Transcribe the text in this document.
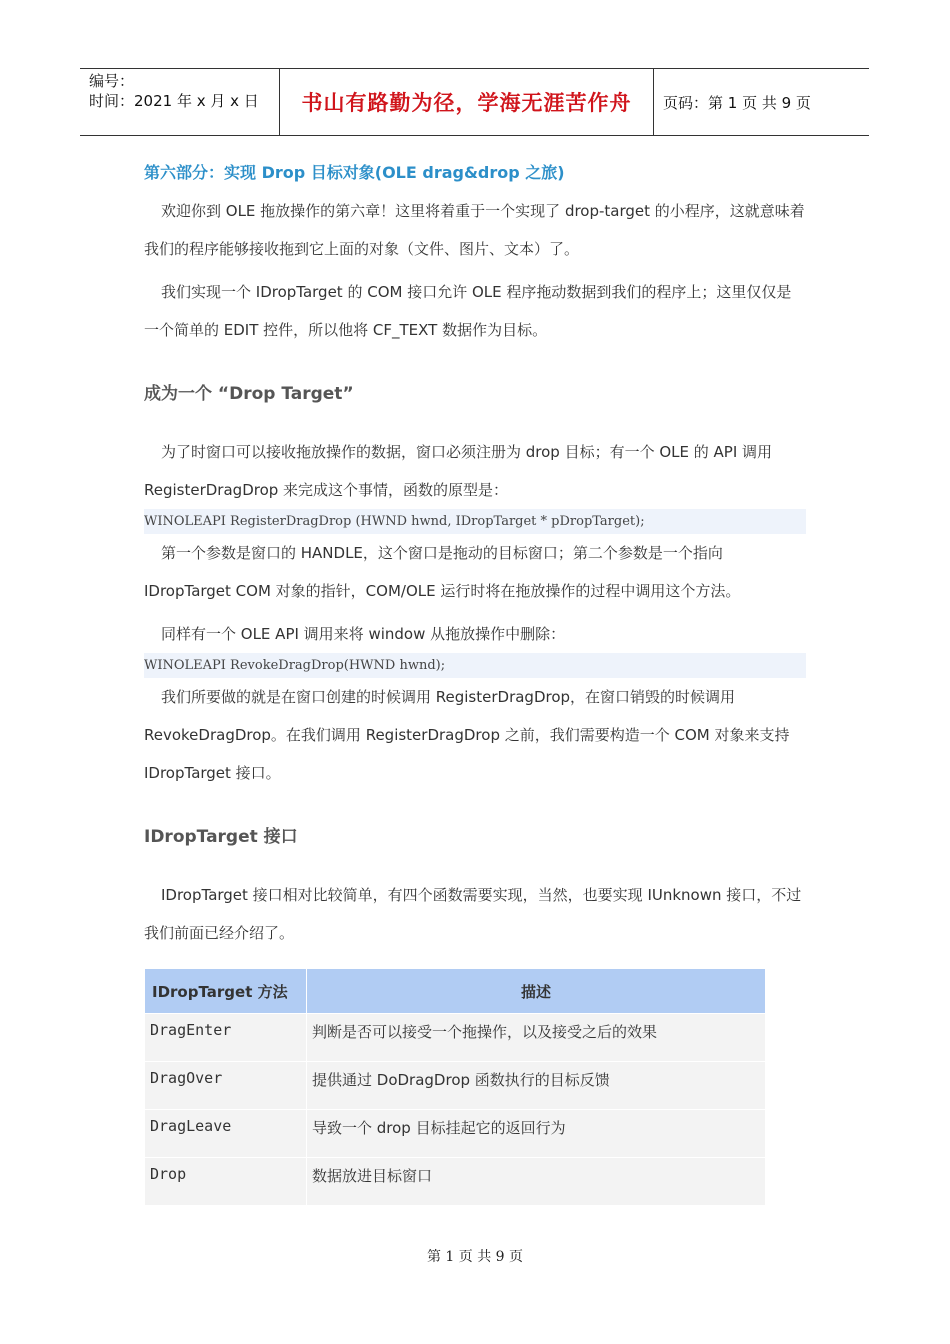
编号：
时间：2021 年 x 月 x 日	书山有路勤为径，学海无涯苦作舟 页码：第 1 页 共 9 页
第六部分：实现 Drop 目标对象(OLE drag&drop 之旅)

欢迎你到 OLE 拖放操作的第六章！这里将着重于一个实现了 drop-target 的小程序，这就意味着我们的程序能够接收拖到它上面的对象（文件、图片、文本）了。

我们实现一个 IDropTarget 的 COM 接口允许 OLE 程序拖动数据到我们的程序上；这里仅仅是一个简单的 EDIT 控件，所以他将 CF_TEXT 数据作为目标。

成为一个 “Drop Target”

为了时窗口可以接收拖放操作的数据，窗口必须注册为 drop 目标；有一个 OLE 的 API 调用 RegisterDragDrop 来完成这个事情，函数的原型是：

WINOLEAPI RegisterDragDrop (HWND hwnd, IDropTarget * pDropTarget);

第一个参数是窗口的 HANDLE，这个窗口是拖动的目标窗口；第二个参数是一个指向 IDropTarget COM 对象的指针，COM/OLE 运行时将在拖放操作的过程中调用这个方法。

同样有一个 OLE API 调用来将 window 从拖放操作中删除：

WINOLEAPI RevokeDragDrop(HWND hwnd);

我们所要做的就是在窗口创建的时候调用 RegisterDragDrop，在窗口销毁的时候调用 RevokeDragDrop。在我们调用 RegisterDragDrop 之前，我们需要构造一个 COM 对象来支持 IDropTarget 接口。

IDropTarget 接口

IDropTarget 接口相对比较简单，有四个函数需要实现，当然，也要实现 IUnknown 接口，不过我们前面已经介绍了。

IDropTarget 方法	描述
DragEnter	判断是否可以接受一个拖操作，以及接受之后的效果
DragOver	提供通过 DoDragDrop 函数执行的目标反馈
DragLeave	导致一个 drop 目标挂起它的返回行为
Drop	数据放进目标窗口
第 1 页 共 9 页
